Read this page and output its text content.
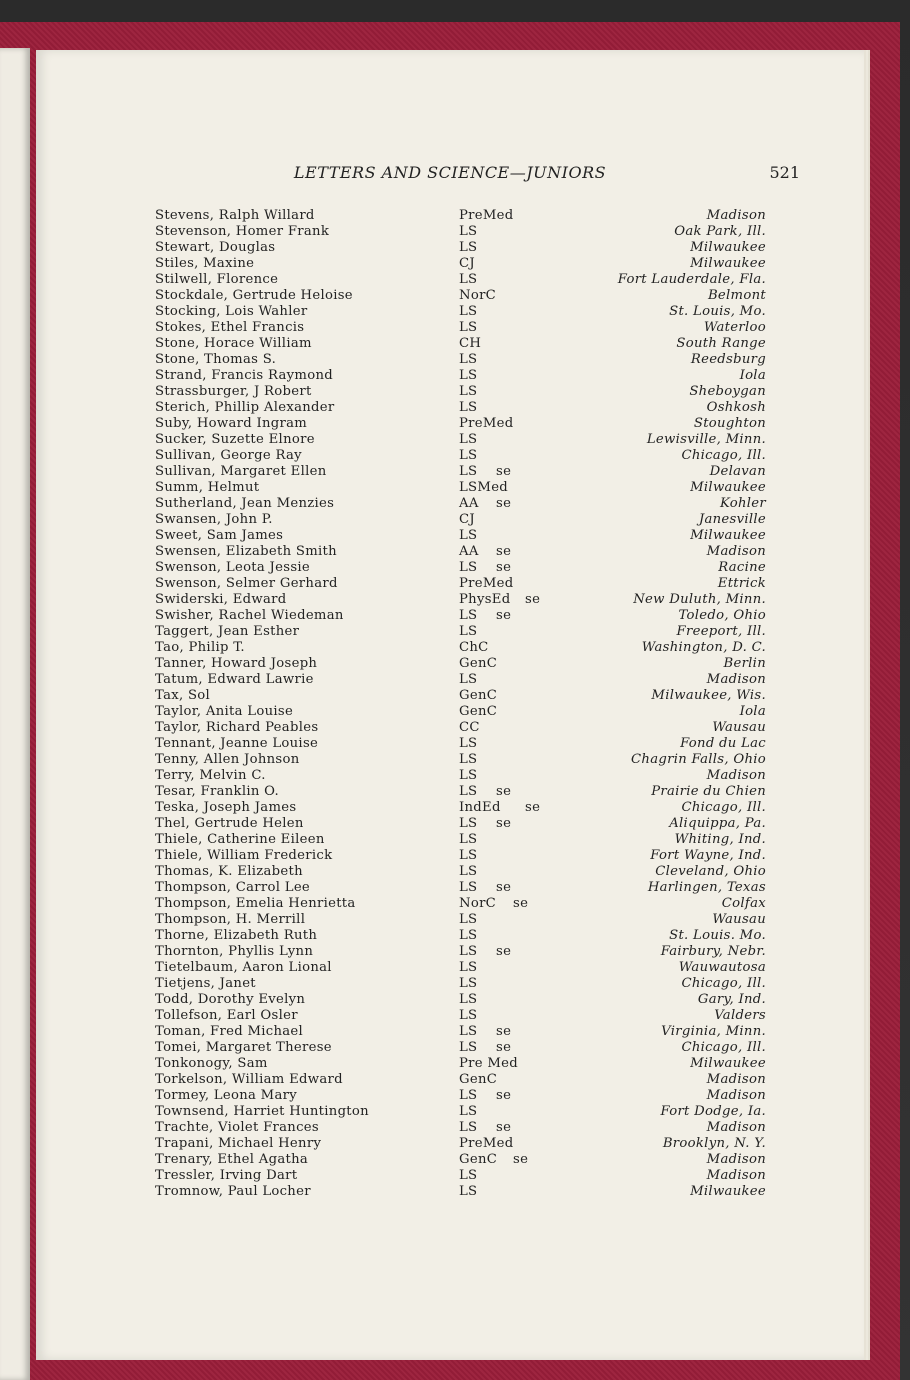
LETTERS AND SCIENCE—JUNIORS	521
Stevens, Ralph Willard	PreMed	Madison
Stevenson, Homer Frank	LS	Oak Park, Ill.
Stewart, Douglas	LS	Milwaukee
Stiles, Maxine	CJ	Milwaukee
Stilwell, Florence	LS	Fort Lauderdale, Fla.
Stockdale, Gertrude Heloise	NorC	Belmont
Stocking, Lois Wahler	LS	St. Louis, Mo.
Stokes, Ethel Francis	LS	Waterloo
Stone, Horace William	CH	South Range
Stone, Thomas S.	LS	Reedsburg
Strand, Francis Raymond	LS	Iola
Strassburger, J Robert	LS	Sheboygan
Sterich, Phillip Alexander	LS	Oshkosh
Suby, Howard Ingram	PreMed	Stoughton
Sucker, Suzette Elnore	LS	Lewisville, Minn.
Sullivan, George Ray	LS	Chicago, Ill.
Sullivan, Margaret Ellen	LS se	Delavan
Summ, Helmut	LSMed	Milwaukee
Sutherland, Jean Menzies	AA se	Kohler
Swansen, John P.	CJ	Janesville
Sweet, Sam James	LS	Milwaukee
Swensen, Elizabeth Smith	AA se	Madison
Swenson, Leota Jessie	LS se	Racine
Swenson, Selmer Gerhard	PreMed	Ettrick
Swiderski, Edward	PhysEd se	New Duluth, Minn.
Swisher, Rachel Wiedeman	LS se	Toledo, Ohio
Taggert, Jean Esther	LS	Freeport, Ill.
Tao, Philip T.	ChC	Washington, D. C.
Tanner, Howard Joseph	GenC	Berlin
Tatum, Edward Lawrie	LS	Madison
Tax, Sol	GenC	Milwaukee, Wis.
Taylor, Anita Louise	GenC	Iola
Taylor, Richard Peables	CC	Wausau
Tennant, Jeanne Louise	LS	Fond du Lac
Tenny, Allen Johnson	LS	Chagrin Falls, Ohio
Terry, Melvin C.	LS	Madison
Tesar, Franklin O.	LS se	Prairie du Chien
Teska, Joseph James	IndEd se	Chicago, Ill.
Thel, Gertrude Helen	LS se	Aliquippa, Pa.
Thiele, Catherine Eileen	LS	Whiting, Ind.
Thiele, William Frederick	LS	Fort Wayne, Ind.
Thomas, K. Elizabeth	LS	Cleveland, Ohio
Thompson, Carrol Lee	LS se	Harlingen, Texas
Thompson, Emelia Henrietta	NorC se	Colfax
Thompson, H. Merrill	LS	Wausau
Thorne, Elizabeth Ruth	LS	St. Louis. Mo.
Thornton, Phyllis Lynn	LS se	Fairbury, Nebr.
Tietelbaum, Aaron Lional	LS	Wauwautosa
Tietjens, Janet	LS	Chicago, Ill.
Todd, Dorothy Evelyn	LS	Gary, Ind.
Tollefson, Earl Osler	LS	Valders
Toman, Fred Michael	LS se	Virginia, Minn.
Tomei, Margaret Therese	LS se	Chicago, Ill.
Tonkonogy, Sam	Pre Med	Milwaukee
Torkelson, William Edward	GenC	Madison
Tormey, Leona Mary	LS se	Madison
Townsend, Harriet Huntington	LS	Fort Dodge, Ia.
Trachte, Violet Frances	LS se	Madison
Trapani, Michael Henry	PreMed	Brooklyn, N. Y.
Trenary, Ethel Agatha	GenC se	Madison
Tressler, Irving Dart	LS	Madison
Tromnow, Paul Locher	LS	Milwaukee
